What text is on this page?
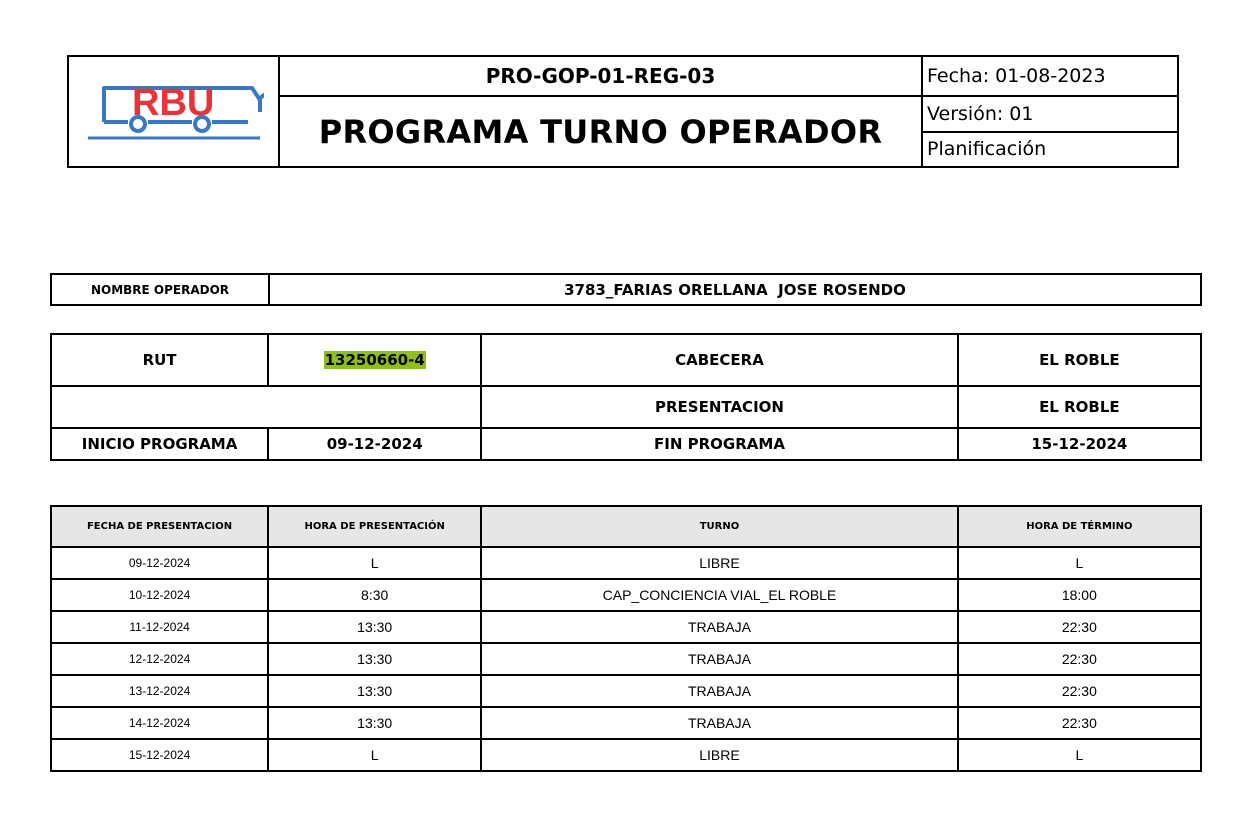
RBU	PRO-GOP-01-REG-03	Fecha: 01-08-2023
	PROGRAMA TURNO OPERADOR	Versión: 01
		Planificación
NOMBRE OPERADOR	3783_FARIAS ORELLANA  JOSE ROSENDO
RUT	13250660-4	CABECERA	EL ROBLE
		PRESENTACION	EL ROBLE
INICIO PROGRAMA	09-12-2024	FIN PROGRAMA	15-12-2024
FECHA DE PRESENTACION	HORA DE PRESENTACIÓN	TURNO	HORA DE TÉRMINO
09-12-2024	L	LIBRE	L
10-12-2024	8:30	CAP_CONCIENCIA VIAL_EL ROBLE	18:00
11-12-2024	13:30	TRABAJA	22:30
12-12-2024	13:30	TRABAJA	22:30
13-12-2024	13:30	TRABAJA	22:30
14-12-2024	13:30	TRABAJA	22:30
15-12-2024	L	LIBRE	L
